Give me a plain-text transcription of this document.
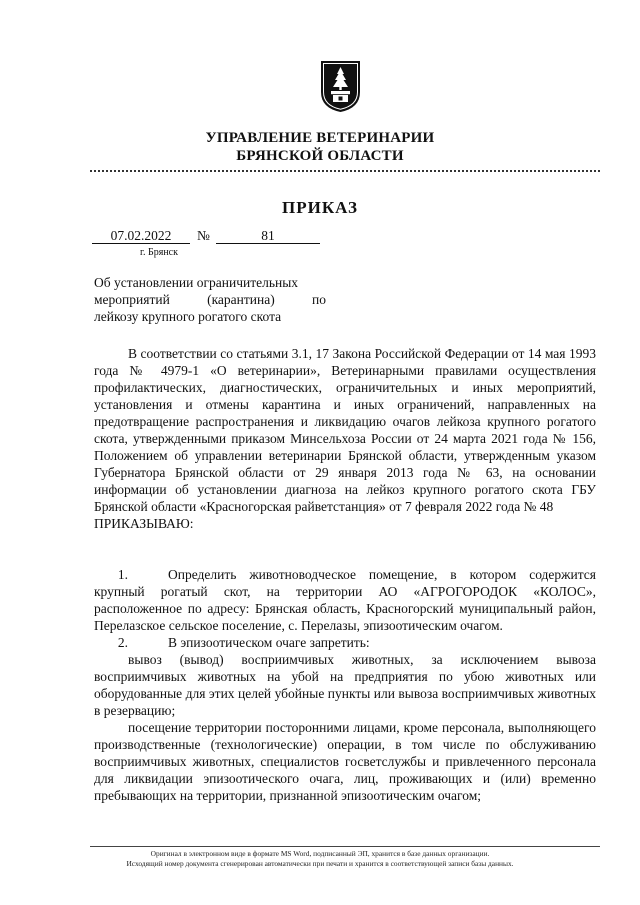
УПРАВЛЕНИЕ ВЕТЕРИНАРИИ
БРЯНСКОЙ ОБЛАСТИ
ПРИКАЗ
07.02.2022	№	81
г. Брянск
Об установлении ограничительных
мероприятий (карантина) по
лейкозу крупного рогатого скота

В соответствии со статьями 3.1, 17 Закона Российской Федерации от 14 мая 1993 года № 4979-1 «О ветеринарии», Ветеринарными правилами осуществления профилактических, диагностических, ограничительных и иных мероприятий, установления и отмены карантина и иных ограничений, направленных на предотвращение распространения и ликвидацию очагов лейкоза крупного рогатого скота, утвержденными приказом Минсельхоза России от 24 марта 2021 года № 156, Положением об управлении ветеринарии Брянской области, утвержденным указом Губернатора Брянской области от 29 января 2013 года № 63, на основании информации об установлении диагноза на лейкоз крупного рогатого скота ГБУ Брянской области «Красногорская райветстанция» от 7 февраля 2022 года № 48

ПРИКАЗЫВАЮ:

1.	Определить животноводческое помещение, в котором содержится крупный рогатый скот, на территории АО «АГРОГОРОДОК «КОЛОС», расположенное по адресу: Брянская область, Красногорский муниципальный район, Перелазское сельское поселение, с. Перелазы, эпизоотическим очагом.

2.	В эпизоотическом очаге запретить:

вывоз (вывод) восприимчивых животных, за исключением вывоза восприимчивых животных на убой на предприятия по убою животных или оборудованные для этих целей убойные пункты или вывоза восприимчивых животных в резервацию;

посещение территории посторонними лицами, кроме персонала, выполняющего производственные (технологические) операции, в том числе по обслуживанию восприимчивых животных, специалистов госветслужбы и привлеченного персонала для ликвидации эпизоотического очага, лиц, проживающих и (или) временно пребывающих на территории, признанной эпизоотическим очагом;

Оригинал в электронном виде в формате MS Word, подписанный ЭП, хранится в базе данных организации.
Исходящий номер документа сгенерирован автоматически при печати и хранится в соответствующей записи базы данных.
